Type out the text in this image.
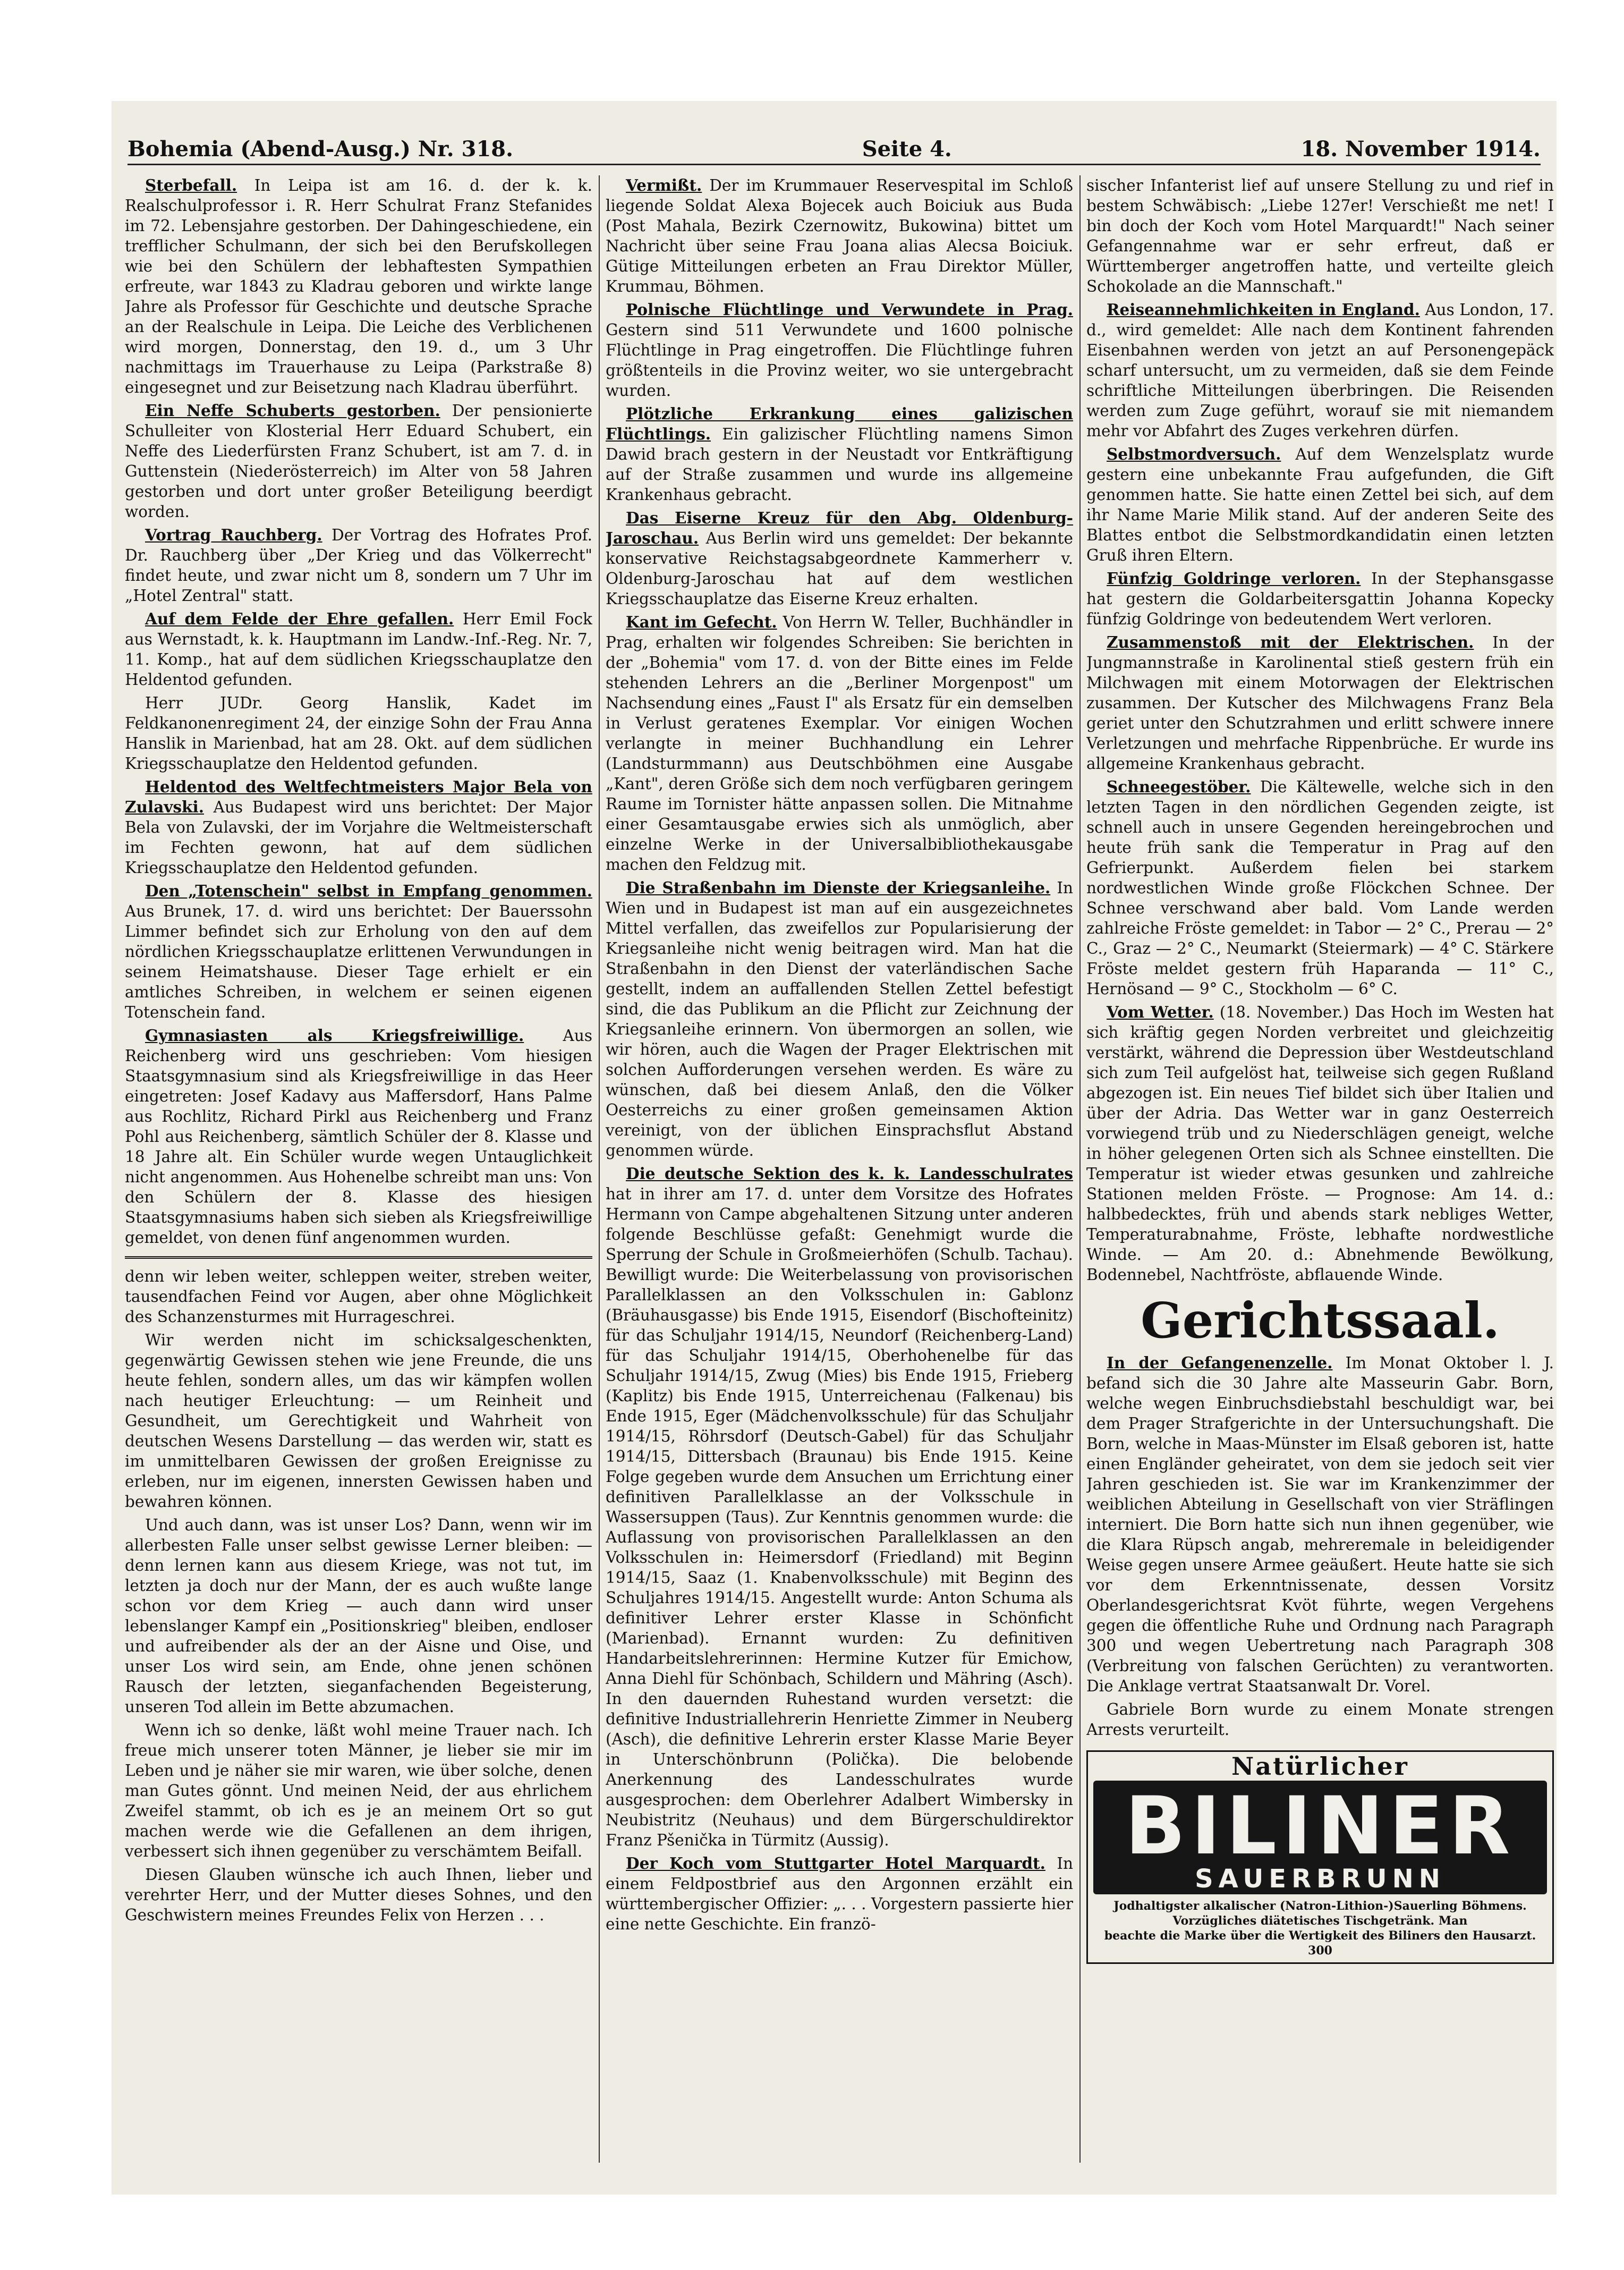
Bohemia (Abend-Ausg.) Nr. 318.	Seite 4.	18. November 1914.

Sterbefall. In Leipa ist am 16. d. der k. k. Realschulprofessor i. R. Herr Schulrat Franz Stefanides im 72. Lebensjahre gestorben. Der Dahingeschiedene, ein trefflicher Schulmann, der sich bei den Berufskollegen wie bei den Schülern der lebhaftesten Sympathien erfreute, war 1843 zu Kladrau geboren und wirkte lange Jahre als Professor für Geschichte und deutsche Sprache an der Realschule in Leipa. Die Leiche des Verblichenen wird morgen, Donnerstag, den 19. d., um 3 Uhr nachmittags im Trauerhause zu Leipa (Parkstraße 8) eingesegnet und zur Beisetzung nach Kladrau überführt.

Ein Neffe Schuberts gestorben. Der pensionierte Schulleiter von Klosterial Herr Eduard Schubert, ein Neffe des Liederfürsten Franz Schubert, ist am 7. d. in Guttenstein (Niederösterreich) im Alter von 58 Jahren gestorben und dort unter großer Beteiligung beerdigt worden.

Vortrag Rauchberg. Der Vortrag des Hofrates Prof. Dr. Rauchberg über „Der Krieg und das Völkerrecht" findet heute, und zwar nicht um 8, sondern um 7 Uhr im „Hotel Zentral" statt.

Auf dem Felde der Ehre gefallen. Herr Emil Fock aus Wernstadt, k. k. Hauptmann im Landw.-Inf.-Reg. Nr. 7, 11. Komp., hat auf dem südlichen Kriegsschauplatze den Heldentod gefunden.

Herr JUDr. Georg Hanslik, Kadet im Feldkanonenregiment 24, der einzige Sohn der Frau Anna Hanslik in Marienbad, hat am 28. Okt. auf dem südlichen Kriegsschauplatze den Heldentod gefunden.

Heldentod des Weltfechtmeisters Major Bela von Zulavski. Aus Budapest wird uns berichtet: Der Major Bela von Zulavski, der im Vorjahre die Weltmeisterschaft im Fechten gewonn, hat auf dem südlichen Kriegsschauplatze den Heldentod gefunden.

Den „Totenschein" selbst in Empfang genommen. Aus Brunek, 17. d. wird uns berichtet: Der Bauerssohn Limmer befindet sich zur Erholung von den auf dem nördlichen Kriegsschauplatze erlittenen Verwundungen in seinem Heimatshause. Dieser Tage erhielt er ein amtliches Schreiben, in welchem er seinen eigenen Totenschein fand.

Gymnasiasten als Kriegsfreiwillige. Aus Reichenberg wird uns geschrieben: Vom hiesigen Staatsgymnasium sind als Kriegsfreiwillige in das Heer eingetreten: Josef Kadavy aus Maffersdorf, Hans Palme aus Rochlitz, Richard Pirkl aus Reichenberg und Franz Pohl aus Reichenberg, sämtlich Schüler der 8. Klasse und 18 Jahre alt. Ein Schüler wurde wegen Untauglichkeit nicht angenommen. Aus Hohenelbe schreibt man uns: Von den Schülern der 8. Klasse des hiesigen Staatsgymnasiums haben sich sieben als Kriegsfreiwillige gemeldet, von denen fünf angenommen wurden.

denn wir leben weiter, schleppen weiter, streben weiter, tausendfachen Feind vor Augen, aber ohne Möglichkeit des Schanzensturmes mit Hurrageschrei.

Wir werden nicht im schicksalgeschenkten, gegenwärtig Gewissen stehen wie jene Freunde, die uns heute fehlen, sondern alles, um das wir kämpfen wollen nach heutiger Erleuchtung: — um Reinheit und Gesundheit, um Gerechtigkeit und Wahrheit von deutschen Wesens Darstellung — das werden wir, statt es im unmittelbaren Gewissen der großen Ereignisse zu erleben, nur im eigenen, innersten Gewissen haben und bewahren können.

Und auch dann, was ist unser Los? Dann, wenn wir im allerbesten Falle unser selbst gewisse Lerner bleiben: — denn lernen kann aus diesem Kriege, was not tut, im letzten ja doch nur der Mann, der es auch wußte lange schon vor dem Krieg — auch dann wird unser lebenslanger Kampf ein „Positionskrieg" bleiben, endloser und aufreibender als der an der Aisne und Oise, und unser Los wird sein, am Ende, ohne jenen schönen Rausch der letzten, sieganfachenden Begeisterung, unseren Tod allein im Bette abzumachen.

Wenn ich so denke, läßt wohl meine Trauer nach. Ich freue mich unserer toten Männer, je lieber sie mir im Leben und je näher sie mir waren, wie über solche, denen man Gutes gönnt. Und meinen Neid, der aus ehrlichem Zweifel stammt, ob ich es je an meinem Ort so gut machen werde wie die Gefallenen an dem ihrigen, verbessert sich ihnen gegenüber zu verschämtem Beifall.

Diesen Glauben wünsche ich auch Ihnen, lieber und verehrter Herr, und der Mutter dieses Sohnes, und den Geschwistern meines Freundes Felix von Herzen . . .

Vermißt. Der im Krummauer Reservespital im Schloß liegende Soldat Alexa Bojecek auch Boiciuk aus Buda (Post Mahala, Bezirk Czernowitz, Bukowina) bittet um Nachricht über seine Frau Joana alias Alecsa Boiciuk. Gütige Mitteilungen erbeten an Frau Direktor Müller, Krummau, Böhmen.

Polnische Flüchtlinge und Verwundete in Prag. Gestern sind 511 Verwundete und 1600 polnische Flüchtlinge in Prag eingetroffen. Die Flüchtlinge fuhren größtenteils in die Provinz weiter, wo sie untergebracht wurden.

Plötzliche Erkrankung eines galizischen Flüchtlings. Ein galizischer Flüchtling namens Simon Dawid brach gestern in der Neustadt vor Entkräftigung auf der Straße zusammen und wurde ins allgemeine Krankenhaus gebracht.

Das Eiserne Kreuz für den Abg. Oldenburg-Jaroschau. Aus Berlin wird uns gemeldet: Der bekannte konservative Reichstagsabgeordnete Kammerherr v. Oldenburg-Jaroschau hat auf dem westlichen Kriegsschauplatze das Eiserne Kreuz erhalten.

Kant im Gefecht. Von Herrn W. Teller, Buchhändler in Prag, erhalten wir folgendes Schreiben: Sie berichten in der „Bohemia" vom 17. d. von der Bitte eines im Felde stehenden Lehrers an die „Berliner Morgenpost" um Nachsendung eines „Faust I" als Ersatz für ein demselben in Verlust geratenes Exemplar. Vor einigen Wochen verlangte in meiner Buchhandlung ein Lehrer (Landsturmmann) aus Deutschböhmen eine Ausgabe „Kant", deren Größe sich dem noch verfügbaren geringem Raume im Tornister hätte anpassen sollen. Die Mitnahme einer Gesamtausgabe erwies sich als unmöglich, aber einzelne Werke in der Universalbibliothekausgabe machen den Feldzug mit.

Die Straßenbahn im Dienste der Kriegsanleihe. In Wien und in Budapest ist man auf ein ausgezeichnetes Mittel verfallen, das zweifellos zur Popularisierung der Kriegsanleihe nicht wenig beitragen wird. Man hat die Straßenbahn in den Dienst der vaterländischen Sache gestellt, indem an auffallenden Stellen Zettel befestigt sind, die das Publikum an die Pflicht zur Zeichnung der Kriegsanleihe erinnern. Von übermorgen an sollen, wie wir hören, auch die Wagen der Prager Elektrischen mit solchen Aufforderungen versehen werden. Es wäre zu wünschen, daß bei diesem Anlaß, den die Völker Oesterreichs zu einer großen gemeinsamen Aktion vereinigt, von der üblichen Einsprachsflut Abstand genommen würde.

Die deutsche Sektion des k. k. Landesschulrates hat in ihrer am 17. d. unter dem Vorsitze des Hofrates Hermann von Campe abgehaltenen Sitzung unter anderen folgende Beschlüsse gefaßt: Genehmigt wurde die Sperrung der Schule in Großmeierhöfen (Schulb. Tachau). Bewilligt wurde: Die Weiterbelassung von provisorischen Parallelklassen an den Volksschulen in: Gablonz (Bräuhausgasse) bis Ende 1915, Eisendorf (Bischofteinitz) für das Schuljahr 1914/15, Neundorf (Reichenberg-Land) für das Schuljahr 1914/15, Oberhohenelbe für das Schuljahr 1914/15, Zwug (Mies) bis Ende 1915, Frieberg (Kaplitz) bis Ende 1915, Unterreichenau (Falkenau) bis Ende 1915, Eger (Mädchenvolksschule) für das Schuljahr 1914/15, Röhrsdorf (Deutsch-Gabel) für das Schuljahr 1914/15, Dittersbach (Braunau) bis Ende 1915. Keine Folge gegeben wurde dem Ansuchen um Errichtung einer definitiven Parallelklasse an der Volksschule in Wassersuppen (Taus). Zur Kenntnis genommen wurde: die Auflassung von provisorischen Parallelklassen an den Volksschulen in: Heimersdorf (Friedland) mit Beginn 1914/15, Saaz (1. Knabenvolksschule) mit Beginn des Schuljahres 1914/15. Angestellt wurde: Anton Schuma als definitiver Lehrer erster Klasse in Schönficht (Marienbad). Ernannt wurden: Zu definitiven Handarbeitslehrerinnen: Hermine Kutzer für Emichow, Anna Diehl für Schönbach, Schildern und Mähring (Asch). In den dauernden Ruhestand wurden versetzt: die definitive Industriallehrerin Henriette Zimmer in Neuberg (Asch), die definitive Lehrerin erster Klasse Marie Beyer in Unterschönbrunn (Polička). Die belobende Anerkennung des Landesschulrates wurde ausgesprochen: dem Oberlehrer Adalbert Wimbersky in Neubistritz (Neuhaus) und dem Bürgerschuldirektor Franz Pšenička in Türmitz (Aussig).

Der Koch vom Stuttgarter Hotel Marquardt. In einem Feldpostbrief aus den Argonnen erzählt ein württembergischer Offizier: „. . . Vorgestern passierte hier eine nette Geschichte. Ein franzö-

sischer Infanterist lief auf unsere Stellung zu und rief in bestem Schwäbisch: „Liebe 127er! Verschießt me net! I bin doch der Koch vom Hotel Marquardt!" Nach seiner Gefangennahme war er sehr erfreut, daß er Württemberger angetroffen hatte, und verteilte gleich Schokolade an die Mannschaft."

Reiseannehmlichkeiten in England. Aus London, 17. d., wird gemeldet: Alle nach dem Kontinent fahrenden Eisenbahnen werden von jetzt an auf Personengepäck scharf untersucht, um zu vermeiden, daß sie dem Feinde schriftliche Mitteilungen überbringen. Die Reisenden werden zum Zuge geführt, worauf sie mit niemandem mehr vor Abfahrt des Zuges verkehren dürfen.

Selbstmordversuch. Auf dem Wenzelsplatz wurde gestern eine unbekannte Frau aufgefunden, die Gift genommen hatte. Sie hatte einen Zettel bei sich, auf dem ihr Name Marie Milik stand. Auf der anderen Seite des Blattes entbot die Selbstmordkandidatin einen letzten Gruß ihren Eltern.

Fünfzig Goldringe verloren. In der Stephansgasse hat gestern die Goldarbeitersgattin Johanna Kopecky fünfzig Goldringe von bedeutendem Wert verloren.

Zusammenstoß mit der Elektrischen. In der Jungmannstraße in Karolinental stieß gestern früh ein Milchwagen mit einem Motorwagen der Elektrischen zusammen. Der Kutscher des Milchwagens Franz Bela geriet unter den Schutzrahmen und erlitt schwere innere Verletzungen und mehrfache Rippenbrüche. Er wurde ins allgemeine Krankenhaus gebracht.

Schneegestöber. Die Kältewelle, welche sich in den letzten Tagen in den nördlichen Gegenden zeigte, ist schnell auch in unsere Gegenden hereingebrochen und heute früh sank die Temperatur in Prag auf den Gefrierpunkt. Außerdem fielen bei starkem nordwestlichen Winde große Flöckchen Schnee. Der Schnee verschwand aber bald. Vom Lande werden zahlreiche Fröste gemeldet: in Tabor — 2° C., Prerau — 2° C., Graz — 2° C., Neumarkt (Steiermark) — 4° C. Stärkere Fröste meldet gestern früh Haparanda — 11° C., Hernösand — 9° C., Stockholm — 6° C.

Vom Wetter. (18. November.) Das Hoch im Westen hat sich kräftig gegen Norden verbreitet und gleichzeitig verstärkt, während die Depression über Westdeutschland sich zum Teil aufgelöst hat, teilweise sich gegen Rußland abgezogen ist. Ein neues Tief bildet sich über Italien und über der Adria. Das Wetter war in ganz Oesterreich vorwiegend trüb und zu Niederschlägen geneigt, welche in höher gelegenen Orten sich als Schnee einstellten. Die Temperatur ist wieder etwas gesunken und zahlreiche Stationen melden Fröste. — Prognose: Am 14. d.: halbbedecktes, früh und abends stark nebliges Wetter, Temperaturabnahme, Fröste, lebhafte nordwestliche Winde. — Am 20. d.: Abnehmende Bewölkung, Bodennebel, Nachtfröste, abflauende Winde.

Gerichtssaal.

In der Gefangenenzelle. Im Monat Oktober l. J. befand sich die 30 Jahre alte Masseurin Gabr. Born, welche wegen Einbruchsdiebstahl beschuldigt war, bei dem Prager Strafgerichte in der Untersuchungshaft. Die Born, welche in Maas-Münster im Elsaß geboren ist, hatte einen Engländer geheiratet, von dem sie jedoch seit vier Jahren geschieden ist. Sie war im Krankenzimmer der weiblichen Abteilung in Gesellschaft von vier Sträflingen interniert. Die Born hatte sich nun ihnen gegenüber, wie die Klara Rüpsch angab, mehreremale in beleidigender Weise gegen unsere Armee geäußert. Heute hatte sie sich vor dem Erkenntnissenate, dessen Vorsitz Oberlandesgerichtsrat Kvöt führte, wegen Vergehens gegen die öffentliche Ruhe und Ordnung nach Paragraph 300 und wegen Uebertretung nach Paragraph 308 (Verbreitung von falschen Gerüchten) zu verantworten. Die Anklage vertrat Staatsanwalt Dr. Vorel.

Gabriele Born wurde zu einem Monate strengen Arrests verurteilt.

Natürlicher
BILINER
SAUERBRUNN
Jodhaltigster alkalischer (Natron-Lithion-)Sauerling Böhmens. Vorzügliches diätetisches Tischgetränk. Man
beachte die Marke über die Wertigkeit des Biliners den Hausarzt. 300
